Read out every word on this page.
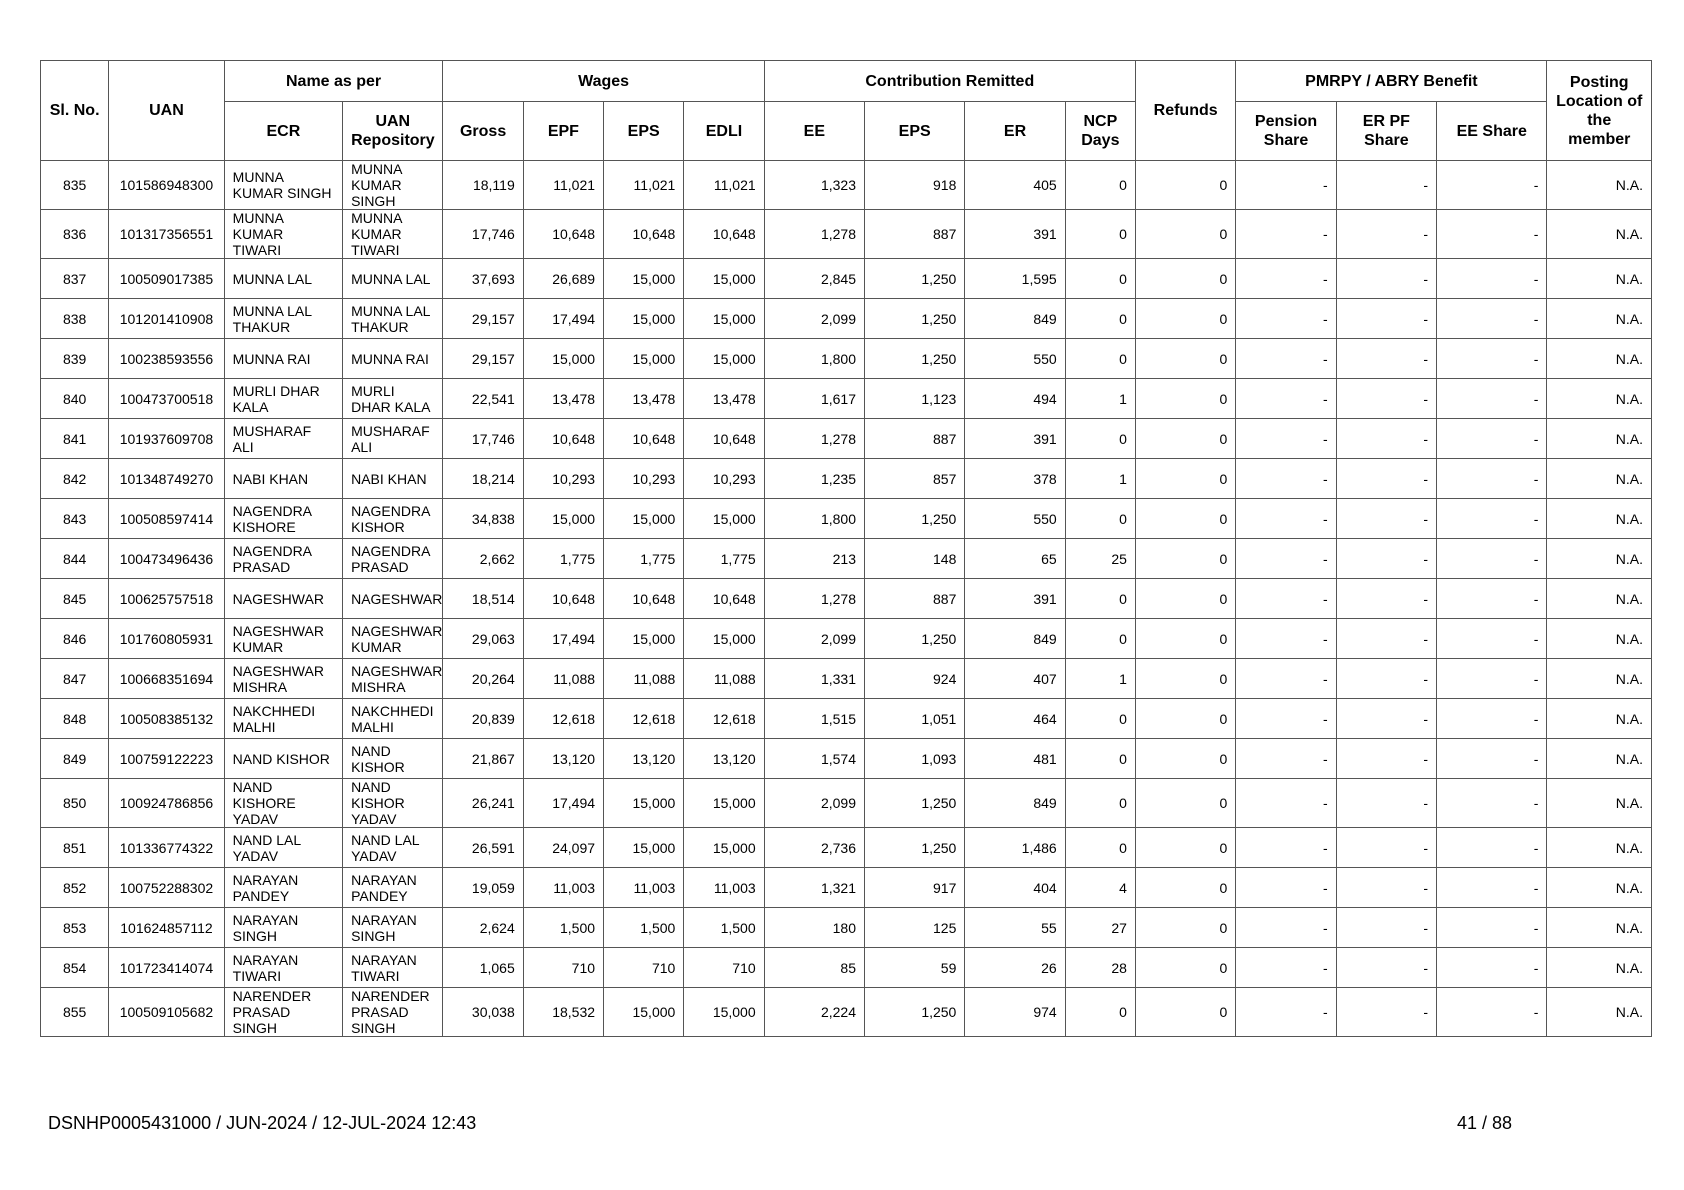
Sl. No.	UAN	Name as per		Wages				Contribution Remitted				Refunds	PMRPY / ABRY Benefit			Posting Location of the member
		ECR	UAN Repository	Gross	EPF	EPS	EDLI	EE	EPS	ER	NCP Days		Pension Share	ER PF Share	EE Share	
835	101586948300	MUNNA KUMAR SINGH	MUNNA KUMAR SINGH	18,119	11,021	11,021	11,021	1,323	918	405	0	0	-	-	-	N.A.
836	101317356551	MUNNA KUMAR TIWARI	MUNNA KUMAR TIWARI	17,746	10,648	10,648	10,648	1,278	887	391	0	0	-	-	-	N.A.
837	100509017385	MUNNA LAL	MUNNA LAL	37,693	26,689	15,000	15,000	2,845	1,250	1,595	0	0	-	-	-	N.A.
838	101201410908	MUNNA LAL THAKUR	MUNNA LAL THAKUR	29,157	17,494	15,000	15,000	2,099	1,250	849	0	0	-	-	-	N.A.
839	100238593556	MUNNA RAI	MUNNA RAI	29,157	15,000	15,000	15,000	1,800	1,250	550	0	0	-	-	-	N.A.
840	100473700518	MURLI DHAR KALA	MURLI DHAR KALA	22,541	13,478	13,478	13,478	1,617	1,123	494	1	0	-	-	-	N.A.
841	101937609708	MUSHARAF ALI	MUSHARAF ALI	17,746	10,648	10,648	10,648	1,278	887	391	0	0	-	-	-	N.A.
842	101348749270	NABI KHAN	NABI KHAN	18,214	10,293	10,293	10,293	1,235	857	378	1	0	-	-	-	N.A.
843	100508597414	NAGENDRA KISHORE	NAGENDRA KISHOR	34,838	15,000	15,000	15,000	1,800	1,250	550	0	0	-	-	-	N.A.
844	100473496436	NAGENDRA PRASAD	NAGENDRA PRASAD	2,662	1,775	1,775	1,775	213	148	65	25	0	-	-	-	N.A.
845	100625757518	NAGESHWAR	NAGESHWAR	18,514	10,648	10,648	10,648	1,278	887	391	0	0	-	-	-	N.A.
846	101760805931	NAGESHWAR KUMAR	NAGESHWAR KUMAR	29,063	17,494	15,000	15,000	2,099	1,250	849	0	0	-	-	-	N.A.
847	100668351694	NAGESHWAR MISHRA	NAGESHWAR MISHRA	20,264	11,088	11,088	11,088	1,331	924	407	1	0	-	-	-	N.A.
848	100508385132	NAKCHHEDI MALHI	NAKCHHEDI MALHI	20,839	12,618	12,618	12,618	1,515	1,051	464	0	0	-	-	-	N.A.
849	100759122223	NAND KISHOR	NAND KISHOR	21,867	13,120	13,120	13,120	1,574	1,093	481	0	0	-	-	-	N.A.
850	100924786856	NAND KISHORE YADAV	NAND KISHOR YADAV	26,241	17,494	15,000	15,000	2,099	1,250	849	0	0	-	-	-	N.A.
851	101336774322	NAND LAL YADAV	NAND LAL YADAV	26,591	24,097	15,000	15,000	2,736	1,250	1,486	0	0	-	-	-	N.A.
852	100752288302	NARAYAN PANDEY	NARAYAN PANDEY	19,059	11,003	11,003	11,003	1,321	917	404	4	0	-	-	-	N.A.
853	101624857112	NARAYAN SINGH	NARAYAN SINGH	2,624	1,500	1,500	1,500	180	125	55	27	0	-	-	-	N.A.
854	101723414074	NARAYAN TIWARI	NARAYAN TIWARI	1,065	710	710	710	85	59	26	28	0	-	-	-	N.A.
855	100509105682	NARENDER PRASAD SINGH	NARENDER PRASAD SINGH	30,038	18,532	15,000	15,000	2,224	1,250	974	0	0	-	-	-	N.A.
DSNHP0005431000 / JUN-2024 / 12-JUL-2024 12:43	41 / 88
